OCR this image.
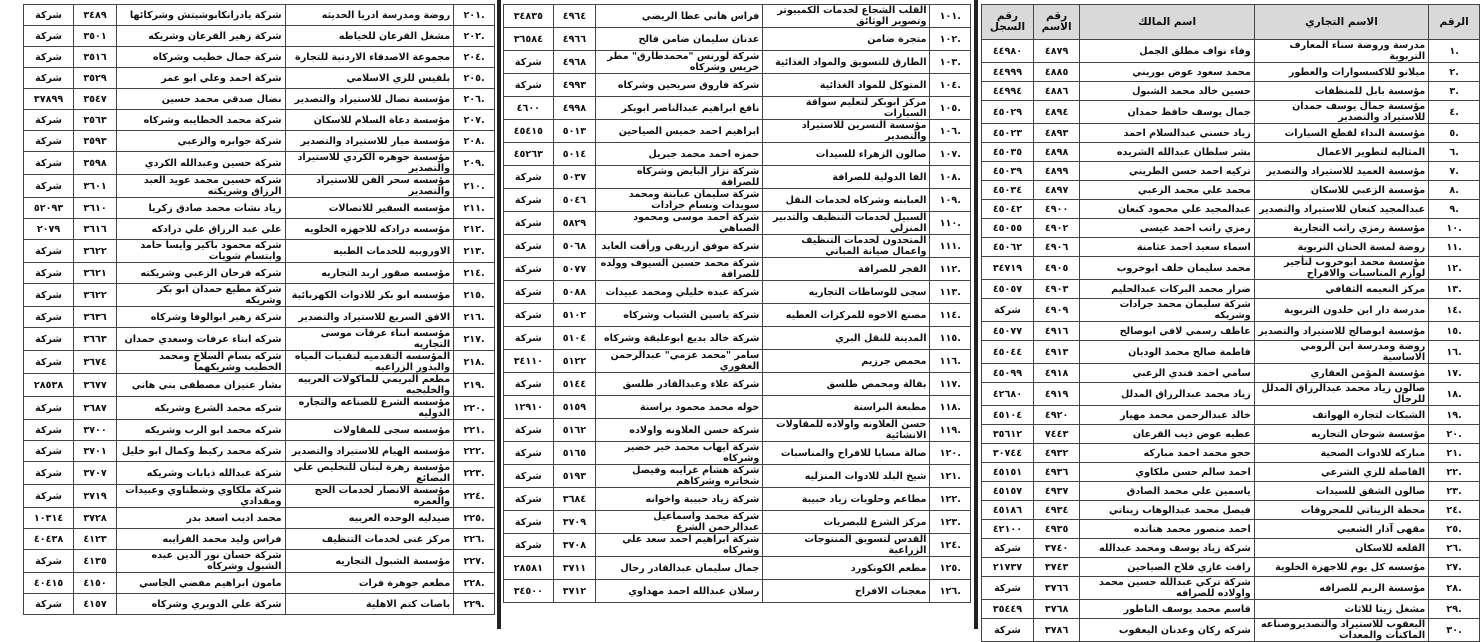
الرقم	الاسم التجاري	اسم المالك	رقم الاسم	رقم السجل
.١	مدرسة وروضة سناء المعارف التربوية	وفاء نواف مطلق الجمل	٤٨٧٩	٤٤٩٨٠
.٢	ميلانو للاكسسوارات والعطور	محمد سعود عوض بوريني	٤٨٨٥	٤٤٩٩٩
.٣	مؤسسة بابل للمنظفات	حسين خالد محمد الشبول	٤٨٨٦	٤٤٩٩٤
.٤	مؤسسة جمال يوسف حمدان للاستيراد والتصدير	جمال يوسف حافظ حمدان	٤٨٩٤	٤٥٠٢٩
.٥	مؤسسة النداء لقطع السيارات	زياد حسني عبدالسلام احمد	٤٨٩٣	٤٥٠٢٣
.٦	المثاليه لتطوير الاعمال	بشر سلطان عبدالله الشريده	٤٨٩٨	٤٥٠٣٥
.٧	مؤسسة العميد للاستيراد والتصدير	تركيه احمد حسن الطريني	٤٨٩٩	٤٥٠٣٩
.٨	مؤسسة الزعبي للاسكان	محمد علي محمد الزعبي	٤٨٩٧	٤٥٠٣٤
.٩	عبدالمجيد كنعان للاستيراد والتصدير	عبدالمجيد علي محمود كنعان	٤٩٠٠	٤٥٠٤٢
.١٠	مؤسسة رمزي راتب التجارية	رمزي راتب احمد عيسى	٤٩٠٢	٤٥٠٥٥
.١١	روضة لمسة الحنان التربوية	اسماء سعيد احمد عثامنة	٤٩٠٦	٤٥٠٦٢
.١٢	مؤسسة محمد ابوخروب لتأجير لوازم المناسبات والافراح	محمد سليمان خلف ابوخروب	٤٩٠٥	٣٤٧١٩
.١٣	مركز النعيمه الثقافي	ضرار محمد البركات عبدالحليم	٤٩٠٣	٤٥٠٥٧
.١٤	مدرسة دار ابن خلدون التربوية	شركة سليمان محمد جرادات وشريكه	٤٩٠٩	شركة
.١٥	مؤسسة ابوصالح للاستيراد والتصدير	عاطف رسمي لافي ابوصالح	٤٩١٦	٤٥٠٧٧
.١٦	روضة ومدرسة ابن الرومي الاساسية	فاطمة صالح محمد الوديان	٤٩١٣	٤٥٠٤٤
.١٧	مؤسسة المؤمن العقاري	سامي احمد فندي الزعبي	٤٩١٨	٤٥٠٩٩
.١٨	صالون زياد محمد عبدالرزاق المدلل للرجال	زياد محمد عبدالرزاق المدلل	٤٩١٩	٤٢٦٨٠
.١٩	الشبكات لتجارة الهواتف	خالد عبدالرحمن محمد مهيار	٤٩٢٠	٤٥١٠٤
.٢٠	مؤسسة شوحان التجاريه	عطيه عوض ذيب القرعان	٧٤٤٣	٣٥٦١٢
.٢١	مباركه للادوات الصحية	حجو محمد احمد مباركه	٤٩٣٢	٣٠٧٤٤
.٢٢	الفاضلة للزي الشرعي	احمد سالم حسن ملكاوي	٤٩٣٦	٤٥١٥١
.٢٣	صالون الشقق للسيدات	ياسمين علي محمد الصادق	٤٩٣٧	٤٥١٥٧
.٢٤	محطة الزيناتي للمحروقات	فيصل محمد عبدالوهاب زيناتي	٤٩٣٤	٤٥١٨٦
.٢٥	مقهى آذار الشعبي	احمد منصور محمد هنانده	٤٩٣٥	٤٢١٠٠
.٢٦	القلعه للاسكان	شركة زياد يوسف ومحمد عبدالله	٣٧٤٠	شركة
.٢٧	مؤسسه كل يوم للاجهزة الخلوية	رافت غازي فلاح الصياحين	٣٧٤٣	٢١٧٣٧
.٢٨	مؤسسة الريم للصرافه	شركة تركي عبدالله حسين محمد واولاده للصرافه	٣٧٦٦	شركة
.٢٩	مشغل زيتا للاثاث	قاسم محمد يوسف الناطور	٣٧٦٨	٣٥٤٤٩
.٣٠	اليعقوب للاستيراد والتصديروصناعه الماكنات والمعدات	شركه ركان وعدنان اليعقوب	٣٧٨٦	شركة
.١٠١	القلب الشجاع لخدمات الكمبيوتر وتصوير الوثائق	فراس هاني عطا الريضي	٤٩٦٤	٣٤٨٣٥
.١٠٢	متجرة ضامن	عدنان سليمان ضامن فالح	٤٩٦٦	٣٦٥٨٤
.١٠٣	الطارق للتسويق والمواد الغذائية	شركة لورنس "محمدطارق" مطر خريس وشركاه	٤٩٦٨	شركة
.١٠٤	المتوكل للمواد الغذائية	شركة فاروق سريحين وشركاه	٤٩٩٣	شركة
.١٠٥	مركز ابوبكر لتعليم سواقة السيارات	نافع ابراهيم عبدالناصر ابوبكر	٤٩٩٨	٤٦٠٠
.١٠٦	مؤسسة النسرين للاستيراد والتصدير	ابراهيم احمد خميس الصياحين	٥٠١٣	٤٥٤١٥
.١٠٧	صالون الزهراء للسيدات	حمزه احمد محمد جبريل	٥٠١٤	٤٥٢٦٣
.١٠٨	الفا الدولية للصرافة	شركة نزار البايض وشركاه للصرافة	٥٠٣٧	شركة
.١٠٩	العبابنه وشركاه لخدمات النقل	شركة سليمان عبابنة ومحمد سويدات وبسام جرادات	٥٠٤٦	شركة
.١١٠	السبيل لخدمات التنظيف والتدبير المنزلي	شركة احمد موسى ومحمود الصباهي	٥٨٢٩	شركة
.١١١	المتحدون لخدمات التنظيف واعمال صيانة المباني	شركة موفق ازريقي ورأفت العابد	٥٠٦٨	شركة
.١١٢	الفجر للصرافة	شركة محمد حسين السيوف وولده للصرافة	٥٠٧٧	شركة
.١١٣	سجى للوساطات التجاريه	شركة عبده خليلي ومحمد عبيدات	٥٠٨٨	شركة
.١١٤	مصنع الاخوه للمركزات العطيه	شركة ياسين الشياب وشركاه	٥١٠٢	شركة
.١١٥	المدينة للنقل البري	شركة خالد بديع ابوعليقة وشركاه	٥١٠٤	شركة
.١١٦	محمص جرزيم	سامر "محمد عزمي" عبدالرحمن العفوري	٥١٢٢	٣٤١١٠
.١١٧	بقالة ومحمص طلسق	شركة علاء وعبدالقادر طلسق	٥١٤٤	شركة
.١١٨	مطبعة البراسنة	خوله محمد محمود براسنة	٥١٥٩	١٢٩١٠
.١١٩	حسن العلاونه واولاده للمقاولات الانشائية	شركة حسن العلاونه واولاده	٥١٦٢	شركة
.١٢٠	صالة مسايا للافراح والمناسبات	شركة ايهاب محمد خير خضير وشركاه	٥١٦٥	شركة
.١٢١	شيخ البلد للادوات المنزليه	شركة هشام غرايبه وفيصل شخاتره وشركاهم	٥١٩٣	شركة
.١٢٢	مطاعم وحلويات زياد حبيبة	شركة زياد حبيبة واخوانه	٣٦٨٤	شركة
.١٢٣	مركز الشرع للبصريات	شركة محمد واسماعيل عبدالرحمن الشرع	٣٧٠٩	شركة
.١٢٤	القدس لتسويق المنتوجات الزراعية	شركة ابراهيم احمد سعد علي وشركاه	٣٧٠٨	شركة
.١٢٥	مطعم الكونكورد	جمال سليمان عبدالقادر رحال	٣٧١١	٢٨٥٨١
.١٢٦	معجنات الافراح	رسلان عبدالله احمد مهداوي	٣٧١٢	٣٤٥٠٠
.٢٠١	روضة ومدرسة ادريا الحديثه	شركة يادرانكابوشيتش وشركائها	٣٤٨٩	شركة
.٢٠٢	مشغل القرعان للخياطه	شركة زهير القرعان وشريكه	٣٥٠١	شركة
.٢٠٤	مجموعة الاصدقاء الاردنية للتجارة	شركة جمال خطيب وشركاه	٣٥١٦	شركة
.٢٠٥	بلقيس للزي الاسلامي	شركة احمد وعلي ابو عمر	٣٥٢٩	شركة
.٢٠٦	مؤسسة نضال للاستيراد والتصدير	نضال صدقي محمد حسين	٣٥٤٧	٣٧٨٩٩
.٢٠٧	مؤسسة دعاة السلام للاسكان	شركة محمد الخطايبه وشركاه	٣٥٦٣	شركة
.٢٠٨	مؤسسة ميار للاستيراد والتصدير	شركة جوابره والزعبي	٣٥٩٣	شركة
.٢٠٩	مؤسسة جوهره الكردي للاستيراد والتصدير	شركة حسين وعبدالله الكردي	٣٥٩٨	شركة
.٢١٠	مؤسسه سحر الفن للاستيراد والتصدير	شركه حسين محمد عويد العبد الرزاق وشريكته	٣٦٠١	شركة
.٢١١	مؤسسه السفير للاتصالات	زياد نشات محمد صادق زكريا	٣٦١٠	٥٢٠٩٣
.٢١٢	مؤسسه درادكه للاجهزه الخلويه	علي عبد الرزاق علي درادكه	٣٦١٦	٢٠٧٩
.٢١٣	الاوروبيه للخدمات الطبيه	شركه محمود باكير وايسا حامد وابتسام شويات	٣٦٢٢	شركة
.٢١٤	مؤسسه صقور اربد التجاريه	شركه فرحان الزعبي وشريكته	٣٦٢١	شركة
.٢١٥	مؤسسه ابو بكر للادوات الكهربائية	شركة مطيع حمدان ابو بكر وشريكه	٣٦٢٢	شركة
.٢١٦	الافق السريع للاستيراد والتصدير	شركة زهير ابوالوفا وشركاه	٣٦٣٦	شركة
.٢١٧	مؤسسه ابناء عرفات موسى التجاريه	شركه ابناء عرفات وسعدي حمدان	٣٦٦٣	شركة
.٢١٨	المؤسسه التقدميه لتقنيات المياه والبذور الزراعيه	شركه بسام السلاخ ومحمد الخطيب وشريكهما	٣٦٧٤	شركة
.٢١٩	مطعم البريمي للماكولات العربيه والخليجيه	بشار عنيزان مصطفى بني هاني	٣٦٧٧	٢٨٥٣٨
.٢٢٠	مؤسسه الشرع للصناعه والتجاره الدوليه	شركه محمد الشرع وشريكه	٣٦٨٧	شركة
.٢٢١	مؤسسه سجى للمقاولات	شركه محمد ابو الرب وشريكه	٣٧٠٠	شركة
.٢٢٢	مؤسسه الهيام للاستيراد والتصدير	شركه محمد ركيط وكمال ابو خليل	٣٧٠١	شركة
.٢٢٣	مؤسسة زهرة لبنان للتخليص علي البضائع	شركة عبدالله ذيابات وشريكه	٣٧٠٧	شركة
.٢٢٤	مؤسسة الانصار لخدمات الحج والعمره	شركة ملكاوي وشطناوي وعبيدات ومقدادي	٣٧١٩	شركة
.٢٢٥	صيدليه الوحده العربيه	محمد اديب اسعد بدر	٣٧٢٨	١٠٣١٤
.٢٢٦	مركز غنى لخدمات التنظيف	فراس وليد محمد الفرايبه	٤١٢٣	٤٠٤٣٨
.٢٢٧	مؤسسة الشبول التجاريه	شركة حسان نور الدين عبده الشبول وشركاه	٤١٣٥	شركة
.٢٢٨	مطعم جوهرة فرات	مامون ابراهيم مفضي الجاسي	٤١٥٠	٤٠٤١٥
.٢٢٩	باصات كتم الاهلية	شركة علي الدويري وشركاه	٤١٥٧	شركة
